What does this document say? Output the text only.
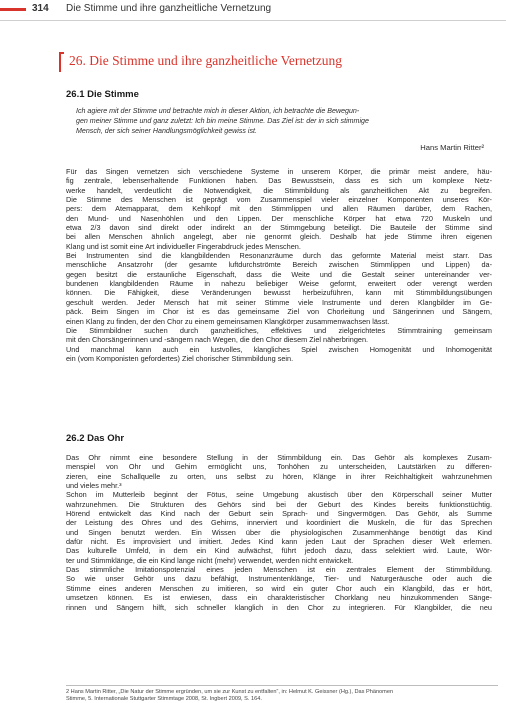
314 Die Stimme und ihre ganzheitliche Vernetzung
26. Die Stimme und ihre ganzheitliche Vernetzung
26.1 Die Stimme
Ich agiere mit der Stimme und betrachte mich in dieser Aktion, ich betrachte die Bewegun-
gen meiner Stimme und ganz zuletzt: Ich bin meine Stimme. Das Ziel ist: der in sich stimmige
Mensch, der sich seiner Handlungsmöglichkeit gewiss ist.
Hans Martin Ritter²
Für das Singen vernetzen sich verschiedene Systeme in unserem Körper, die primär meist andere, häu-
fig zentrale, lebenserhaltende Funktionen haben. Das Bewusstsein, dass es sich um komplexe Netz-
werke handelt, verdeutlicht die Notwendigkeit, die Stimmbildung als ganzheitlichen Akt zu begreifen.
Die Stimme des Menschen ist geprägt vom Zusammenspiel vieler einzelner Komponenten unseres Kör-
pers: dem Atemapparat, dem Kehlkopf mit den Stimmlippen und allen Räumen darüber, dem Rachen,
den Mund- und Nasenhöhlen und den Lippen. Der menschliche Körper hat etwa 720 Muskeln und
etwa 2/3 davon sind direkt oder indirekt an der Stimmgebung beteiligt. Die Bauteile der Stimme sind
bei allen Menschen ähnlich angelegt, aber nie genormt gleich. Deshalb hat jede Stimme ihren eigenen
Klang und ist somit eine Art individueller Fingerabdruck jedes Menschen.
Bei Instrumenten sind die klangbildenden Resonanzräume durch das geformte Material meist starr. Das
menschliche Ansatzrohr (der gesamte luftdurchströmte Bereich zwischen Stimmlippen und Lippen) da-
gegen besitzt die erstaunliche Eigenschaft, dass die Weite und die Gestalt seiner untereinander ver-
bundenen klangbildenden Räume in nahezu beliebiger Weise geformt, erweitert oder verengt werden
können. Die Fähigkeit, diese Veränderungen bewusst herbeizuführen, kann mit Stimmbildungsübungen
geschult werden. Jeder Mensch hat mit seiner Stimme viele Instrumente und deren Klangbilder im Ge-
päck. Beim Singen im Chor ist es das gemeinsame Ziel von Chorleitung und Sängerinnen und Sängern,
einen Klang zu finden, der den Chor zu einem gemeinsamen Klangkörper zusammenwachsen lässt.
Die Stimmbildner suchen durch ganzheitliches, effektives und zielgerichtetes Stimmtraining gemeinsam
mit den Chorsängerinnen und -sängern nach Wegen, die den Chor diesem Ziel näherbringen.
Und manchmal kann auch ein lustvolles, klangliches Spiel zwischen Homogenität und Inhomogenität
ein (vom Komponisten gefordertes) Ziel chorischer Stimmbildung sein.
26.2 Das Ohr
Das Ohr nimmt eine besondere Stellung in der Stimmbildung ein. Das Gehör als komplexes Zusam-
menspiel von Ohr und Gehirn ermöglicht uns, Tonhöhen zu unterscheiden, Lautstärken zu differen-
zieren, eine Schallquelle zu orten, uns selbst zu hören, Klänge in ihrer Reichhaltigkeit wahrzunehmen
und vieles mehr.³
Schon im Mutterleib beginnt der Fötus, seine Umgebung akustisch über den Körperschall seiner Mutter
wahrzunehmen. Die Strukturen des Gehörs sind bei der Geburt des Kindes bereits funktionstüchtig.
Hörend entwickelt das Kind nach der Geburt sein Sprach- und Singvermögen. Das Gehör, als Summe
der Leistung des Ohres und des Gehirns, innerviert und koordiniert die Muskeln, die für das Sprechen
und Singen benutzt werden. Ein Wissen über die physiologischen Zusammenhänge benötigt das Kind
dafür nicht. Es improvisiert und imitiert. Jedes Kind kann jeden Laut der Sprachen dieser Welt erlernen.
Das kulturelle Umfeld, in dem ein Kind aufwächst, führt jedoch dazu, dass selektiert wird. Laute, Wör-
ter und Stimmklänge, die ein Kind lange nicht (mehr) verwendet, werden nicht entwickelt.
Das stimmliche Imitationspotenzial eines jeden Menschen ist ein zentrales Element der Stimmbildung.
So wie unser Gehör uns dazu befähigt, Instrumentenklänge, Tier- und Naturgeräusche oder auch die
Stimme eines anderen Menschen zu imitieren, so wird ein guter Chor auch ein Klangbild, das er hört,
umsetzen können. Es ist erwiesen, dass ein charakteristischer Chorklang neu hinzukommenden Sänge-
rinnen und Sängern hilft, sich schneller klanglich in den Chor zu integrieren. Für Klangbilder, die neu
2 Hans Martin Ritter, „Die Natur der Stimme ergründen, um sie zur Kunst zu entfalten“, in: Helmut K. Geissner (Hg.), Das Phänomen
Stimme, 5. Internationale Stuttgarter Stimmtage 2008, St. Ingbert 2009, S. 164.
